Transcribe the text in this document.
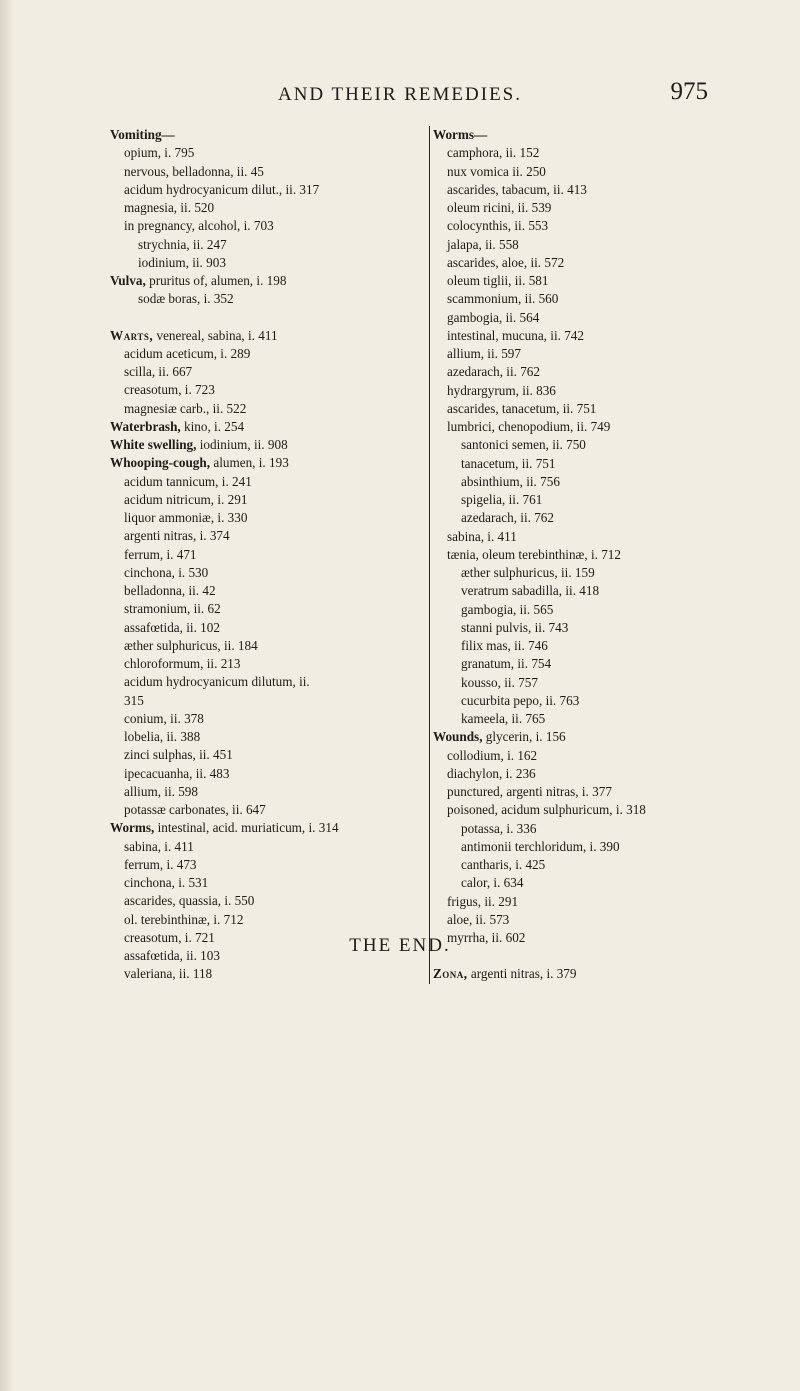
AND THEIR REMEDIES.	975
Vomiting—
opium, i. 795
nervous, belladonna, ii. 45
acidum hydrocyanicum dilut., ii. 317
magnesia, ii. 520
in pregnancy, alcohol, i. 703
strychnia, ii. 247
iodinium, ii. 903
Vulva, pruritus of, alumen, i. 198
sodæ boras, i. 352
Warts, venereal, sabina, i. 411
acidum aceticum, i. 289
scilla, ii. 667
creasotum, i. 723
magnesiæ carb., ii. 522
Waterbrash, kino, i. 254
White swelling, iodinium, ii. 908
Whooping-cough, alumen, i. 193
acidum tannicum, i. 241
acidum nitricum, i. 291
liquor ammoniæ, i. 330
argenti nitras, i. 374
ferrum, i. 471
cinchona, i. 530
belladonna, ii. 42
stramonium, ii. 62
assafœtida, ii. 102
æther sulphuricus, ii. 184
chloroformum, ii. 213
acidum hydrocyanicum dilutum, ii.
315
conium, ii. 378
lobelia, ii. 388
zinci sulphas, ii. 451
ipecacuanha, ii. 483
allium, ii. 598
potassæ carbonates, ii. 647
Worms, intestinal, acid. muriaticum, i. 314
sabina, i. 411
ferrum, i. 473
cinchona, i. 531
ascarides, quassia, i. 550
ol. terebinthinæ, i. 712
creasotum, i. 721
assafœtida, ii. 103
valeriana, ii. 118
Worms—
camphora, ii. 152
nux vomica ii. 250
ascarides, tabacum, ii. 413
oleum ricini, ii. 539
colocynthis, ii. 553
jalapa, ii. 558
ascarides, aloe, ii. 572
oleum tiglii, ii. 581
scammonium, ii. 560
gambogia, ii. 564
intestinal, mucuna, ii. 742
allium, ii. 597
azedarach, ii. 762
hydrargyrum, ii. 836
ascarides, tanacetum, ii. 751
lumbrici, chenopodium, ii. 749
santonici semen, ii. 750
tanacetum, ii. 751
absinthium, ii. 756
spigelia, ii. 761
azedarach, ii. 762
sabina, i. 411
tænia, oleum terebinthinæ, i. 712
æther sulphuricus, ii. 159
veratrum sabadilla, ii. 418
gambogia, ii. 565
stanni pulvis, ii. 743
filix mas, ii. 746
granatum, ii. 754
kousso, ii. 757
cucurbita pepo, ii. 763
kameela, ii. 765
Wounds, glycerin, i. 156
collodium, i. 162
diachylon, i. 236
punctured, argenti nitras, i. 377
poisoned, acidum sulphuricum, i. 318
potassa, i. 336
antimonii terchloridum, i. 390
cantharis, i. 425
calor, i. 634
frigus, ii. 291
aloe, ii. 573
myrrha, ii. 602
Zona, argenti nitras, i. 379
THE END.
